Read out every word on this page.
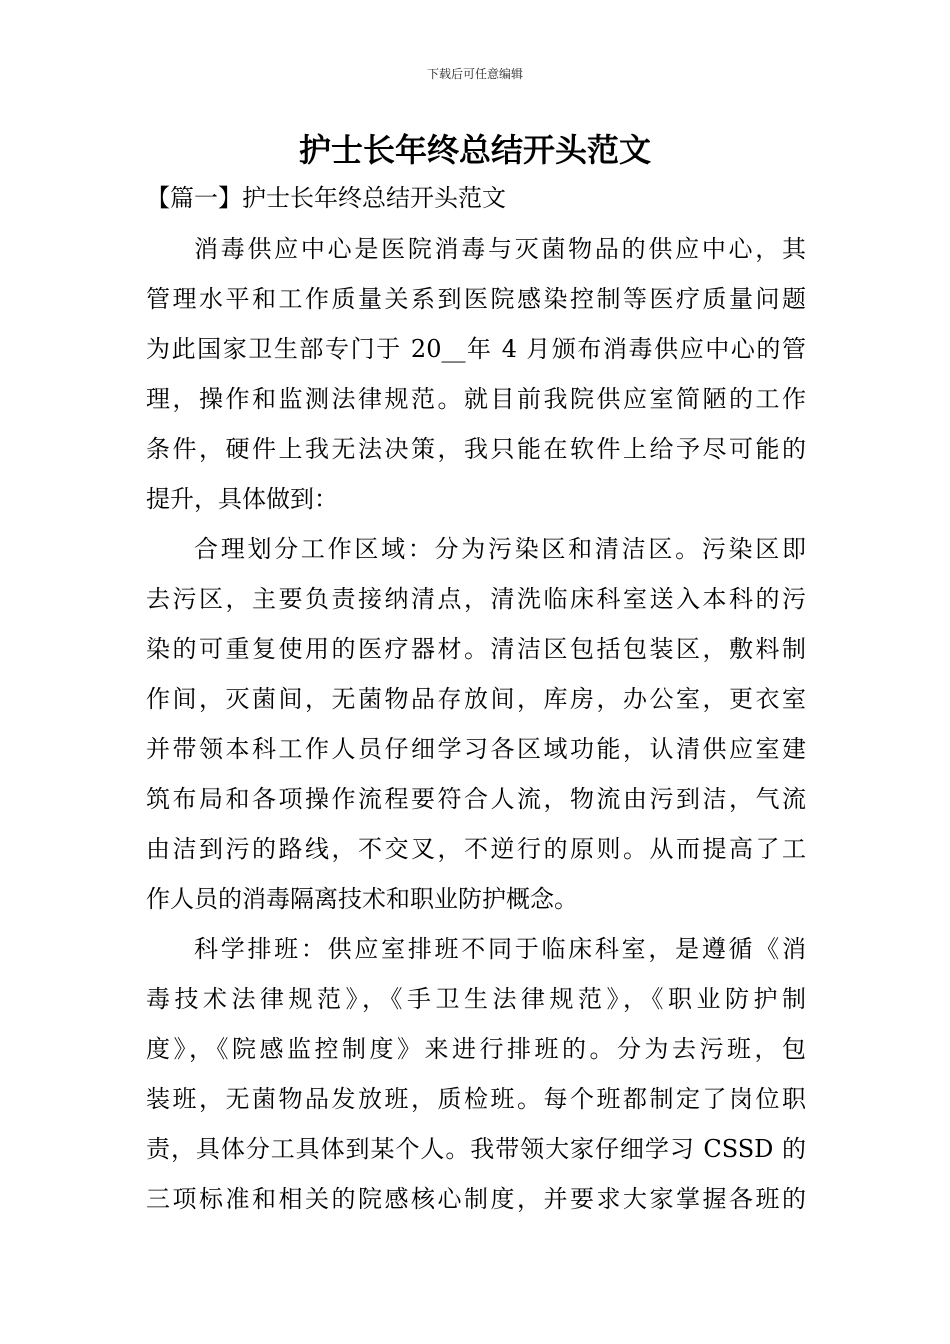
下载后可任意编辑
护士长年终总结开头范文
【篇一】护士长年终总结开头范文

消毒供应中心是医院消毒与灭菌物品的供应中心，其
管理水平和工作质量关系到医院感染控制等医疗质量问题
为此国家卫生部专门于 20__年 4 月颁布消毒供应中心的管
理，操作和监测法律规范。就目前我院供应室简陋的工作
条件，硬件上我无法决策，我只能在软件上给予尽可能的
提升，具体做到：

合理划分工作区域：分为污染区和清洁区。污染区即
去污区，主要负责接纳清点，清洗临床科室送入本科的污
染的可重复使用的医疗器材。清洁区包括包装区，敷料制
作间，灭菌间，无菌物品存放间，库房，办公室，更衣室
并带领本科工作人员仔细学习各区域功能，认清供应室建
筑布局和各项操作流程要符合人流，物流由污到洁，气流
由洁到污的路线，不交叉，不逆行的原则。从而提高了工
作人员的消毒隔离技术和职业防护概念。

科学排班：供应室排班不同于临床科室，是遵循《消
毒技术法律规范》，《手卫生法律规范》，《职业防护制
度》，《院感监控制度》来进行排班的。分为去污班，包
装班，无菌物品发放班，质检班。每个班都制定了岗位职
责，具体分工具体到某个人。我带领大家仔细学习 CSSD 的
三项标准和相关的院感核心制度，并要求大家掌握各班的
